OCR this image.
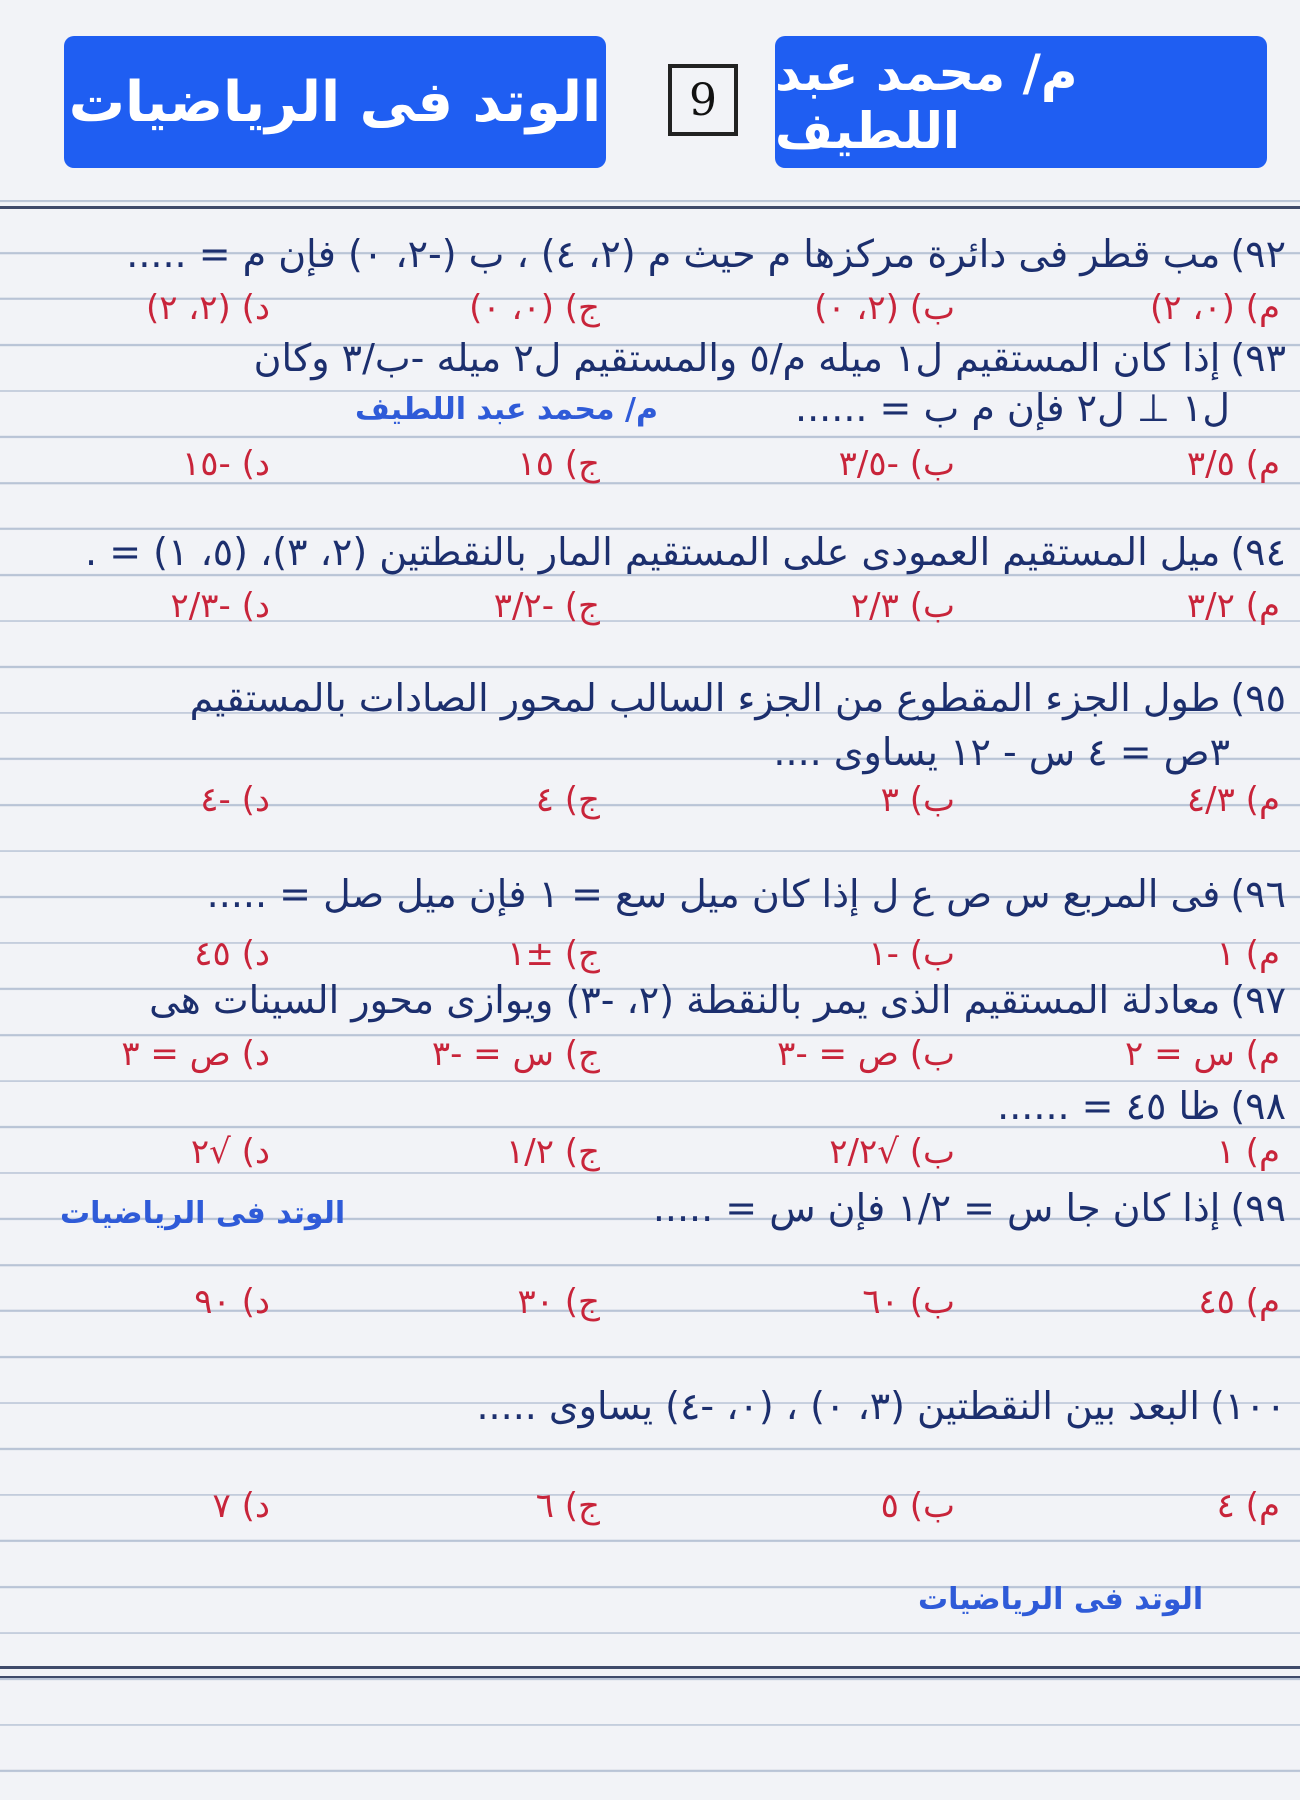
الوتد فى الرياضيات 9 م/ محمد عبد اللطيف
٩٢)مب قطر فى دائرة مركزها م حيث م (٢، ٤) ، ب (-٢، ٠) فإن م = .....
م) (٠، ٢)
ب) (٢، ٠)
ج) (٠، ٠)
د) (٢، ٢)
٩٣)إذا كان المستقيم ل١ ميله م/٥ والمستقيم ل٢ ميله -ب/٣ وكان
ل١ ⊥ ل٢ فإن م ب = ......
م/ محمد عبد اللطيف
م) ٣/٥
ب) -٣/٥
ج) ١٥
د) -١٥
٩٤)ميل المستقيم العمودى على المستقيم المار بالنقطتين (٢، ٣)، (٥، ١) = .
م) ٣/٢
ب) ٢/٣
ج) -٣/٢
د) -٢/٣
٩٥)طول الجزء المقطوع من الجزء السالب لمحور الصادات بالمستقيم
٣ص = ٤ س - ١٢ يساوى ....
م) ٤/٣
ب) ٣
ج) ٤
د) -٤
٩٦)فى المربع س ص ع ل إذا كان ميل سع = ١ فإن ميل صل = .....
م) ١
ب) -١
ج) ±١
د) ٤٥
٩٧)معادلة المستقيم الذى يمر بالنقطة (٢، -٣) ويوازى محور السينات هى
م) س = ٢
ب) ص = -٣
ج) س = -٣
د) ص = ٣
٩٨)ظا ٤٥ = ......
م) ١
ب) √٢/٢
ج) ١/٢
د) √٢
٩٩)إذا كان جا س = ١/٢ فإن س = .....
الوتد فى الرياضيات
م) ٤٥
ب) ٦٠
ج) ٣٠
د) ٩٠
١٠٠)البعد بين النقطتين (٣، ٠) ، (٠، -٤) يساوى .....
م) ٤
ب) ٥
ج) ٦
د) ٧
الوتد فى الرياضيات
